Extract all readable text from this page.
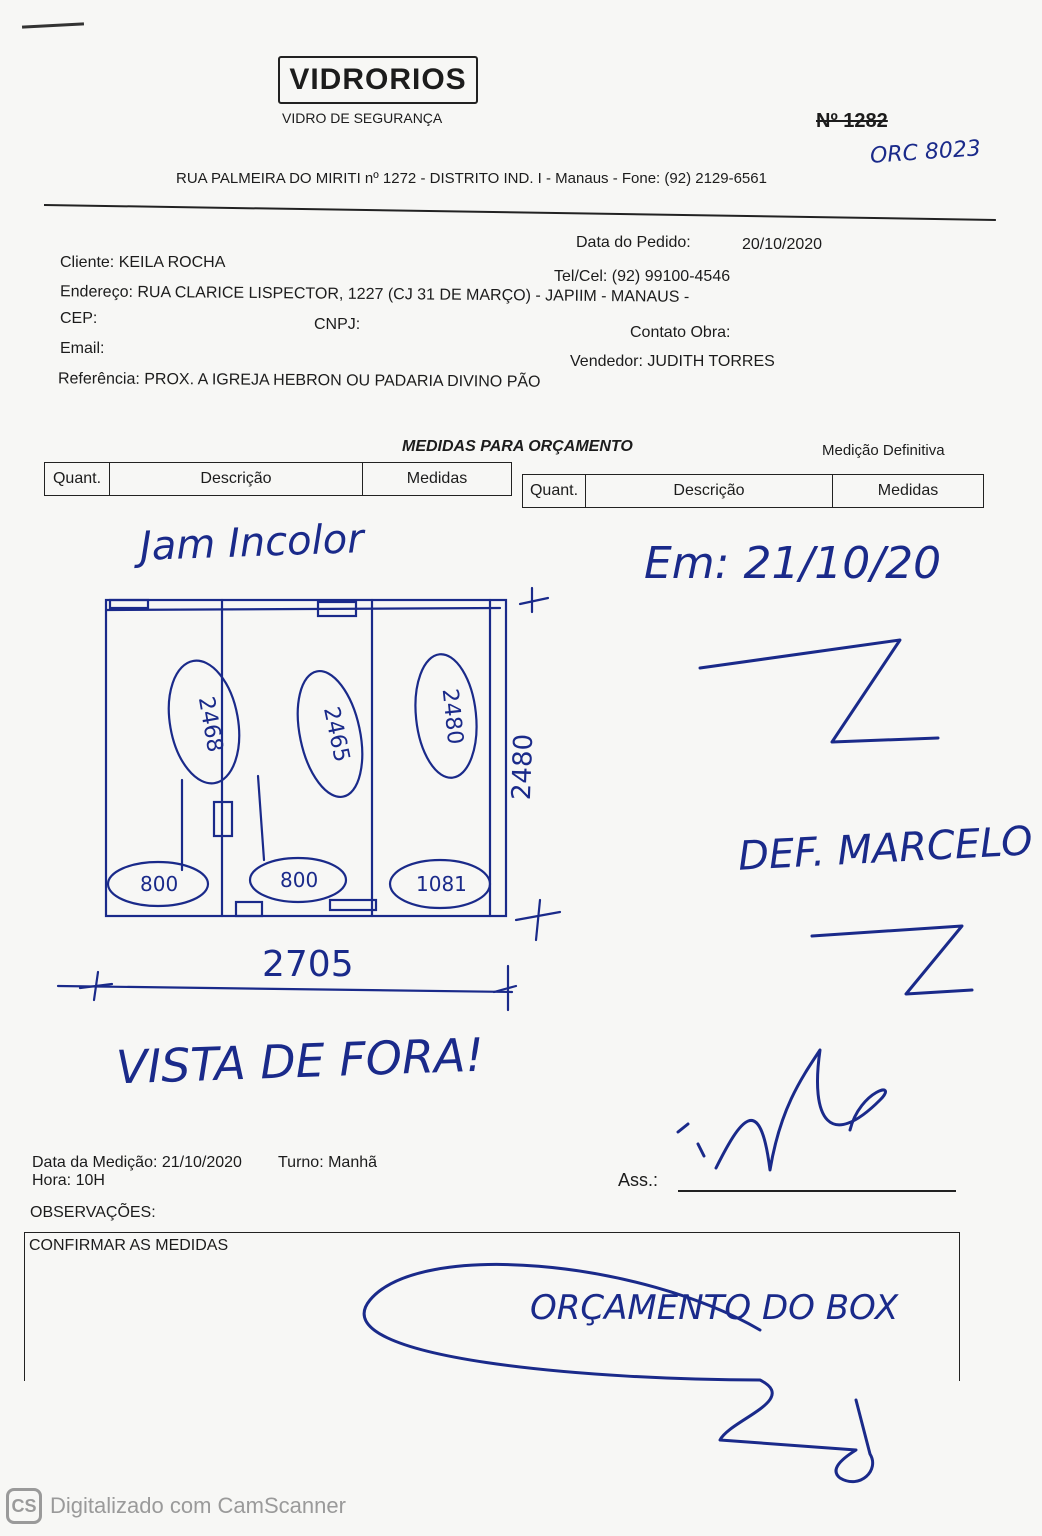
VIDRORIOS
VIDRO DE SEGURANÇA	Nº 1282
ORC 8023
RUA PALMEIRA DO MIRITI nº 1272 - DISTRITO IND. I - Manaus - Fone: (92) 2129-6561
Data do Pedido:	20/10/2020
Cliente: KEILA ROCHA
Tel/Cel: (92) 99100-4546
Endereço: RUA CLARICE LISPECTOR, 1227 (CJ 31 DE MARÇO) - JAPIIM - MANAUS -
CEP:	CNPJ:	Contato Obra:
Email:
Vendedor: JUDITH TORRES
Referência: PROX. A IGREJA HEBRON OU PADARIA DIVINO PÃO
MEDIDAS PARA ORÇAMENTO	Medição Definitiva
Quant.	Descrição	Medidas
Quant.	Descrição	Medidas
Jam Incolor	Em: 21/10/20
DEF. MARCELO
VISTA DE FORA!
ORÇAMENTO DO BOX
2468	2465	2480
2480
800	800	1081
2705
Data da Medição: 21/10/2020 Turno: Manhã
Hora: 10H	Ass.:
OBSERVAÇÕES:
CONFIRMAR AS MEDIDAS
CS Digitalizado com CamScanner
